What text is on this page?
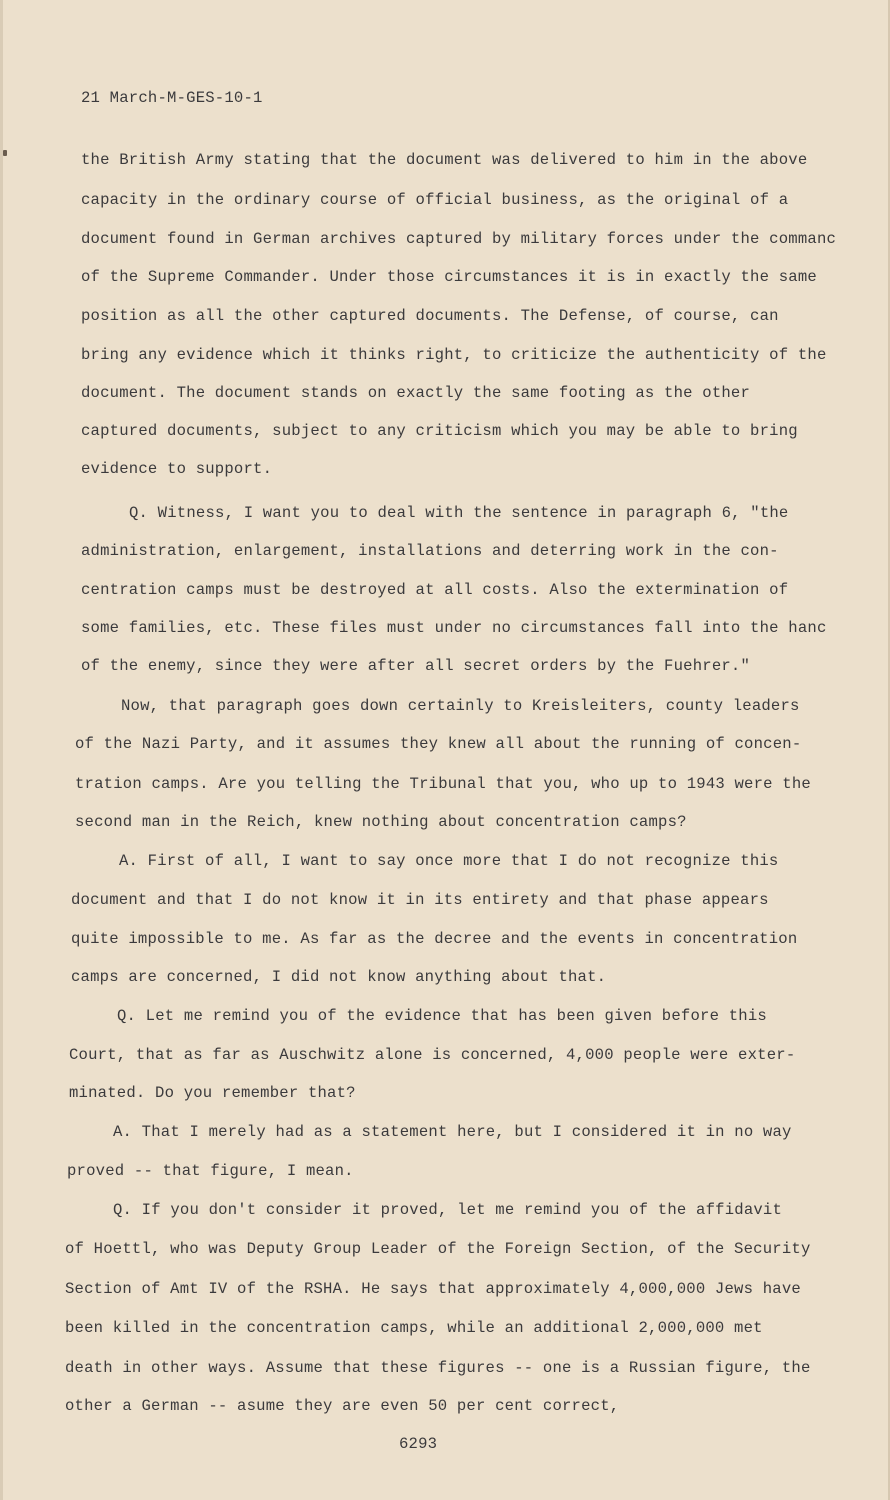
21 March-M-GES-10-1

the British Army stating that the document was delivered to him in the above

capacity in the ordinary course of official business, as the original of a

document found in German archives captured by military forces under the commanc

of the Supreme Commander. Under those circumstances it is in exactly the same

position as all the other captured documents. The Defense, of course, can

bring any evidence which it thinks right, to criticize the authenticity of the

document. The document stands on exactly the same footing as the other

captured documents, subject to any criticism which you may be able to bring

evidence to support.

Q. Witness, I want you to deal with the sentence in paragraph 6, "the

administration, enlargement, installations and deterring work in the con-

centration camps must be destroyed at all costs. Also the extermination of

some families, etc. These files must under no circumstances fall into the hanc

of the enemy, since they were after all secret orders by the Fuehrer."

Now, that paragraph goes down certainly to Kreisleiters, county leaders

of the Nazi Party, and it assumes they knew all about the running of concen-

tration camps. Are you telling the Tribunal that you, who up to 1943 were the

second man in the Reich, knew nothing about concentration camps?

A. First of all, I want to say once more that I do not recognize this

document and that I do not know it in its entirety and that phase appears

quite impossible to me. As far as the decree and the events in concentration

camps are concerned, I did not know anything about that.

Q. Let me remind you of the evidence that has been given before this

Court, that as far as Auschwitz alone is concerned, 4,000 people were exter-

minated. Do you remember that?

A. That I merely had as a statement here, but I considered it in no way

proved -- that figure, I mean.

Q. If you don't consider it proved, let me remind you of the affidavit

of Hoettl, who was Deputy Group Leader of the Foreign Section, of the Security

Section of Amt IV of the RSHA. He says that approximately 4,000,000 Jews have

been killed in the concentration camps, while an additional 2,000,000 met

death in other ways. Assume that these figures -- one is a Russian figure, the

other a German -- asume they are even 50 per cent correct,

6293
